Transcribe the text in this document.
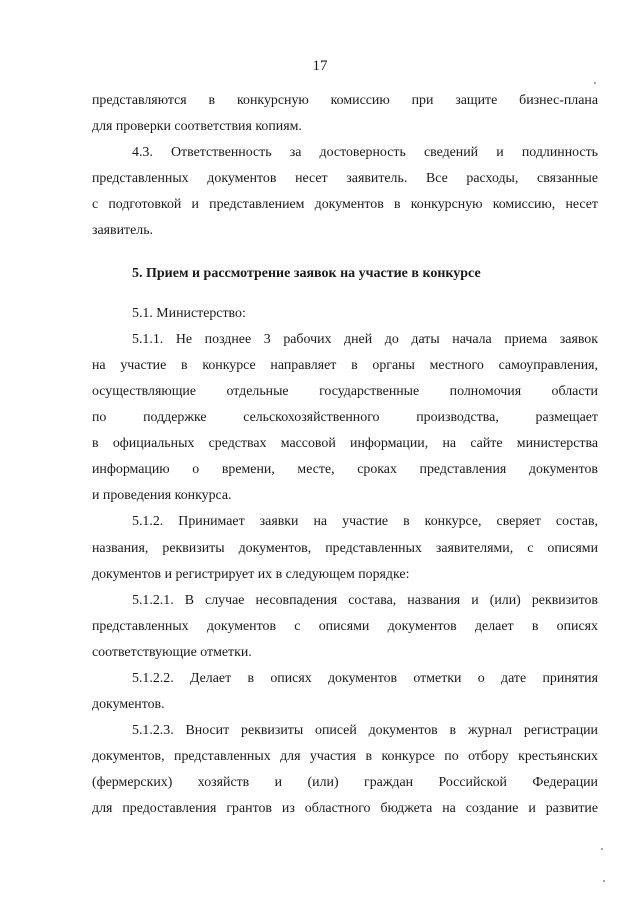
17

представляются в конкурсную комиссию при защите бизнес-плана

для проверки соответствия копиям.

4.3. Ответственность за достоверность сведений и подлинность

представленных документов несет заявитель. Все расходы, связанные

с подготовкой и представлением документов в конкурсную комиссию, несет

заявитель.

5. Прием и рассмотрение заявок на участие в конкурсе

5.1. Министерство:

5.1.1. Не позднее 3 рабочих дней до даты начала приема заявок

на участие в конкурсе направляет в органы местного самоуправления,

осуществляющие отдельные государственные полномочия области

по поддержке сельскохозяйственного производства, размещает

в официальных средствах массовой информации, на сайте министерства

информацию о времени, месте, сроках представления документов

и проведения конкурса.

5.1.2. Принимает заявки на участие в конкурсе, сверяет состав,

названия, реквизиты документов, представленных заявителями, с описями

документов и регистрирует их в следующем порядке:

5.1.2.1. В случае несовпадения состава, названия и (или) реквизитов

представленных документов с описями документов делает в описях

соответствующие отметки.

5.1.2.2. Делает в описях документов отметки о дате принятия

документов.

5.1.2.3. Вносит реквизиты описей документов в журнал регистрации

документов, представленных для участия в конкурсе по отбору крестьянских

(фермерских) хозяйств и (или) граждан Российской Федерации

для предоставления грантов из областного бюджета на создание и развитие
